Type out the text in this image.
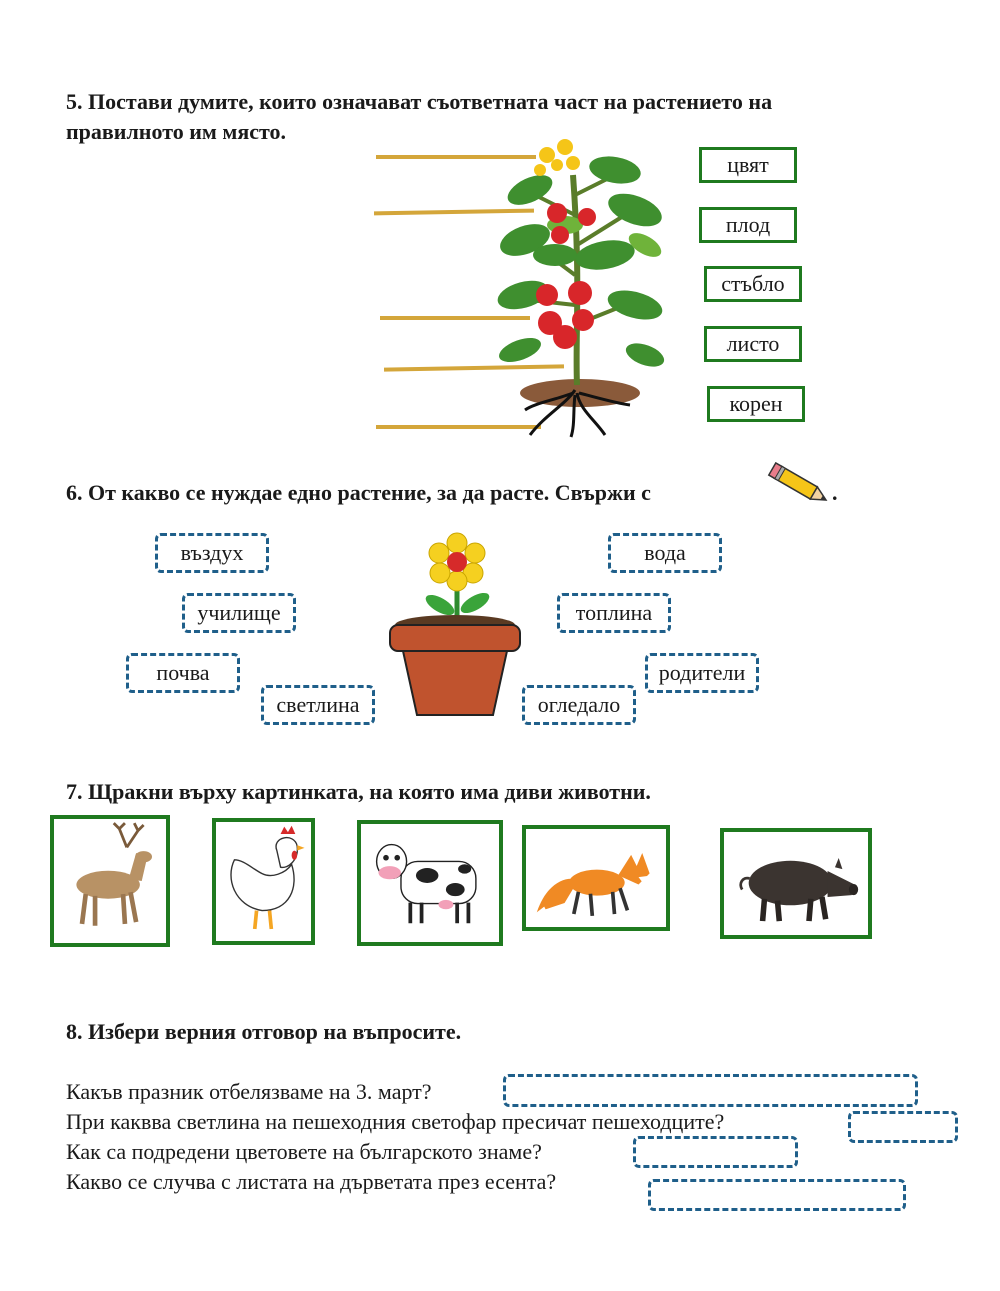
5. Постави думите, които означават съответната част на растението на
правилното им място.
цвят
плод
стъбло
листо
корен
6. От какво се нуждае едно растение, за да расте. Свържи с	.
въздух
училище
почва
светлина
вода
топлина
родители
огледало
7. Щракни върху картинката, на която има диви животни.
8. Избери верния отговор на въпросите.
Какъв празник отбелязваме на 3. март?
При каквва светлина на пешеходния светофар пресичат пешеходците?
Как са подредени цветовете на българското знаме?
Какво се случва с листата на дърветата през есента?
